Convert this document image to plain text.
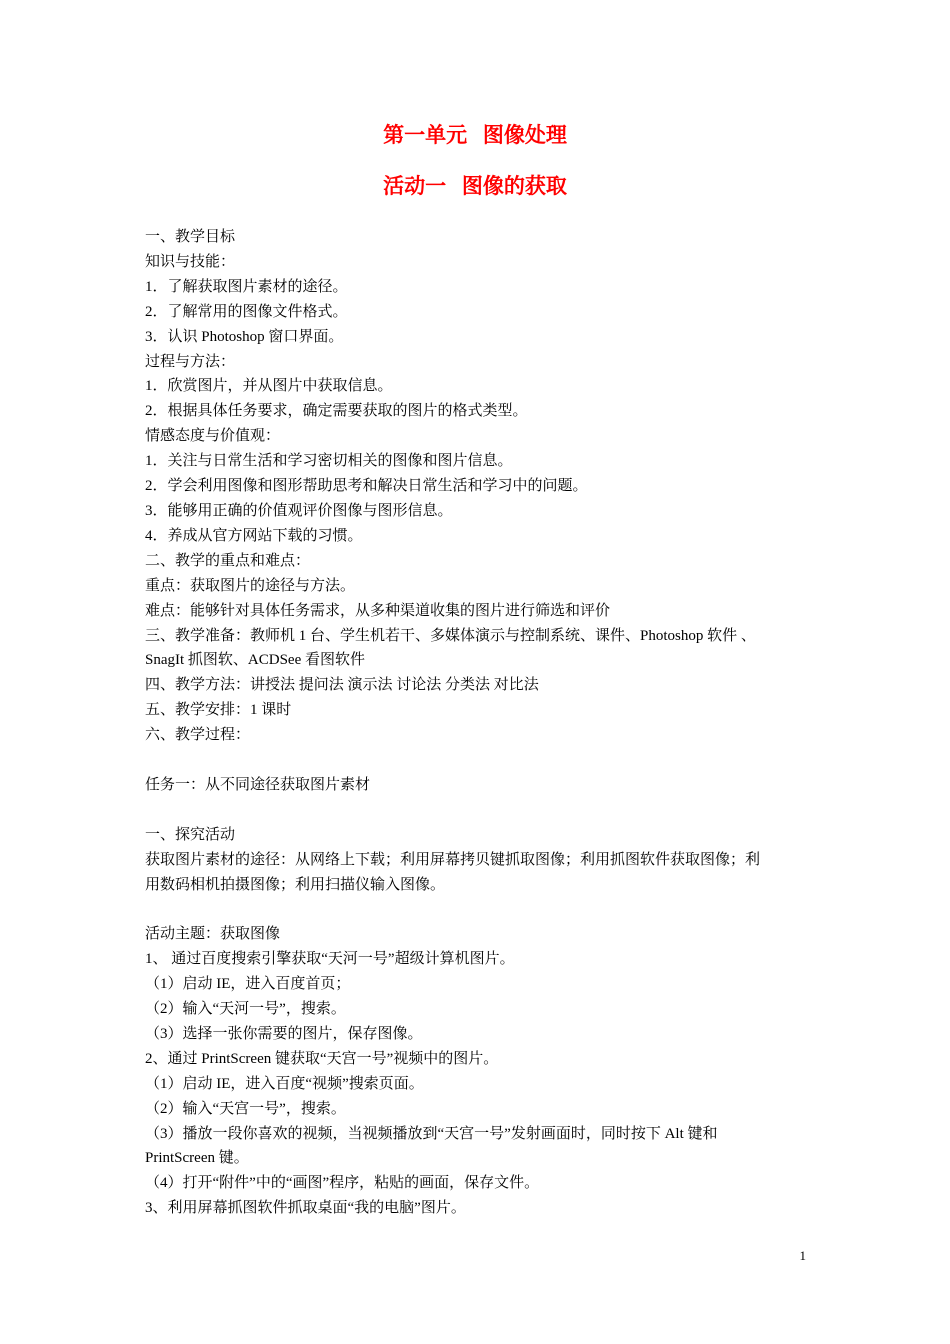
第一单元   图像处理
活动一   图像的获取
一、教学目标
知识与技能：
1．了解获取图片素材的途径。
2．了解常用的图像文件格式。
3．认识 Photoshop 窗口界面。
过程与方法：
1．欣赏图片，并从图片中获取信息。
2．根据具体任务要求，确定需要获取的图片的格式类型。
情感态度与价值观：
1．关注与日常生活和学习密切相关的图像和图片信息。
2．学会利用图像和图形帮助思考和解决日常生活和学习中的问题。
3．能够用正确的价值观评价图像与图形信息。
4．养成从官方网站下载的习惯。
二、教学的重点和难点：
重点：获取图片的途径与方法。
难点：能够针对具体任务需求，从多种渠道收集的图片进行筛选和评价
三、教学准备：教师机 1 台、学生机若干、多媒体演示与控制系统、课件、Photoshop 软件 、
SnagIt 抓图软、ACDSee 看图软件
四、教学方法：讲授法 提问法 演示法 讨论法 分类法 对比法
五、教学安排：1 课时
六、教学过程：
任务一：从不同途径获取图片素材
一、探究活动
获取图片素材的途径：从网络上下载；利用屏幕拷贝键抓取图像；利用抓图软件获取图像；利
用数码相机拍摄图像；利用扫描仪输入图像。
活动主题：获取图像
1、 通过百度搜索引擎获取“天河一号”超级计算机图片。
（1）启动 IE，进入百度首页；
（2）输入“天河一号”，搜索。
（3）选择一张你需要的图片，保存图像。
2、通过 PrintScreen 键获取“天宫一号”视频中的图片。
（1）启动 IE，进入百度“视频”搜索页面。
（2）输入“天宫一号”，搜索。
（3）播放一段你喜欢的视频，当视频播放到“天宫一号”发射画面时，同时按下 Alt 键和
PrintScreen 键。
（4）打开“附件”中的“画图”程序，粘贴的画面，保存文件。
3、利用屏幕抓图软件抓取桌面“我的电脑”图片。
1
